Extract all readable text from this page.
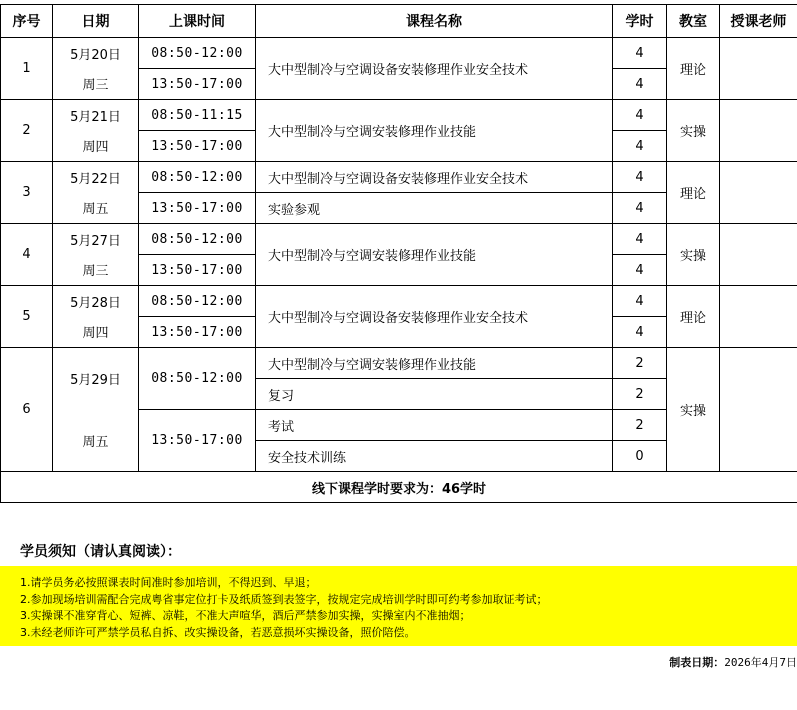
序号	日期	上课时间	课程名称	学时	教室	授课老师
1	5月20日	08:50-12:00	大中型制冷与空调设备安装修理作业安全技术	4	理论	
	周三	13:50-17:00		4		
2	5月21日	08:50-11:15	大中型制冷与空调安装修理作业技能	4	实操	
	周四	13:50-17:00		4		
3	5月22日	08:50-12:00	大中型制冷与空调设备安装修理作业安全技术	4	理论	
	周五	13:50-17:00	实验参观	4		
4	5月27日	08:50-12:00	大中型制冷与空调安装修理作业技能	4	实操	
	周三	13:50-17:00		4		
5	5月28日	08:50-12:00	大中型制冷与空调设备安装修理作业安全技术	4	理论	
	周四	13:50-17:00		4		
6	5月29日	08:50-12:00	大中型制冷与空调安装修理作业技能	2	实操	
			复习	2		
	周五	13:50-17:00	考试	2		
			安全技术训练	0		
线下课程学时要求为：46学时						
学员须知（请认真阅读）：
1.请学员务必按照课表时间准时参加培训，不得迟到、早退；
2.参加现场培训需配合完成粤省事定位打卡及纸质签到表签字，按规定完成培训学时即可约考参加取证考试；
3.实操课不准穿背心、短裤、凉鞋，不准大声喧华，酒后严禁参加实操，实操室内不准抽烟；
3.未经老师许可严禁学员私自拆、改实操设备，若恶意损坏实操设备，照价陪偿。
制表日期：2026年4月7日
